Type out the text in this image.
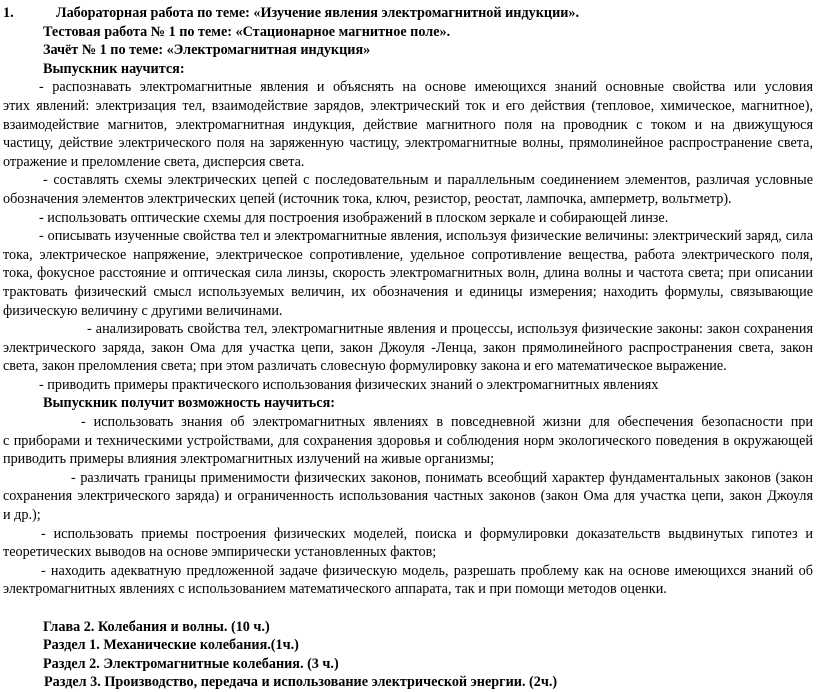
1.	Лабораторная работа по теме: «Изучение явления электромагнитной индукции».
Тестовая работа № 1 по теме: «Стационарное магнитное поле».
Зачёт № 1 по теме: «Электромагнитная индукция»
Выпускник научится:
- распознавать электромагнитные явления и объяснять на основе имеющихся знаний основные свойства или условия
этих явлений: электризация тел, взаимодействие зарядов, электрический ток и его действия (тепловое, химическое, магнитное),
взаимодействие магнитов, электромагнитная индукция, действие магнитного поля на проводник с током и на движущуюся
частицу, действие электрического поля на заряженную частицу, электромагнитные волны, прямолинейное распространение света,
отражение и преломление света, дисперсия света.
- составлять схемы электрических цепей с последовательным и параллельным соединением элементов, различая условные
обозначения элементов электрических цепей (источник тока, ключ, резистор, реостат, лампочка, амперметр, вольтметр).
- использовать оптические схемы для построения изображений в плоском зеркале и собирающей линзе.
- описывать изученные свойства тел и электромагнитные явления, используя физические величины: электрический заряд, сила
тока, электрическое напряжение, электрическое сопротивление, удельное сопротивление вещества, работа электрического поля,
тока, фокусное расстояние и оптическая сила линзы, скорость электромагнитных волн, длина волны и частота света; при описании
трактовать физический смысл используемых величин, их обозначения и единицы измерения; находить формулы, связывающие
физическую величину с другими величинами.
- анализировать свойства тел, электромагнитные явления и процессы, используя физические законы: закон сохранения
электрического заряда, закон Ома для участка цепи, закон Джоуля -Ленца, закон прямолинейного распространения света, закон
света, закон преломления света; при этом различать словесную формулировку закона и его математическое выражение.
- приводить примеры практического использования физических знаний о электромагнитных явлениях
Выпускник получит возможность научиться:
- использовать знания об электромагнитных явлениях в повседневной жизни для обеспечения безопасности при
с приборами и техническими устройствами, для сохранения здоровья и соблюдения норм экологического поведения в окружающей
приводить примеры влияния электромагнитных излучений на живые организмы;
- различать границы применимости физических законов, понимать всеобщий характер фундаментальных законов (закон
сохранения электрического заряда) и ограниченность использования частных законов (закон Ома для участка цепи, закон Джоуля
и др.);
- использовать приемы построения физических моделей, поиска и формулировки доказательств выдвинутых гипотез и
теоретических выводов на основе эмпирически установленных фактов;
- находить адекватную предложенной задаче физическую модель, разрешать проблему как на основе имеющихся знаний об
электромагнитных явлениях с использованием математического аппарата, так и при помощи методов оценки.
Глава 2. Колебания и волны. (10 ч.)
Раздел 1. Механические колебания.(1ч.)
Раздел 2. Электромагнитные колебания. (3 ч.)
Раздел 3. Производство, передача и использование электрической энергии. (2ч.)
